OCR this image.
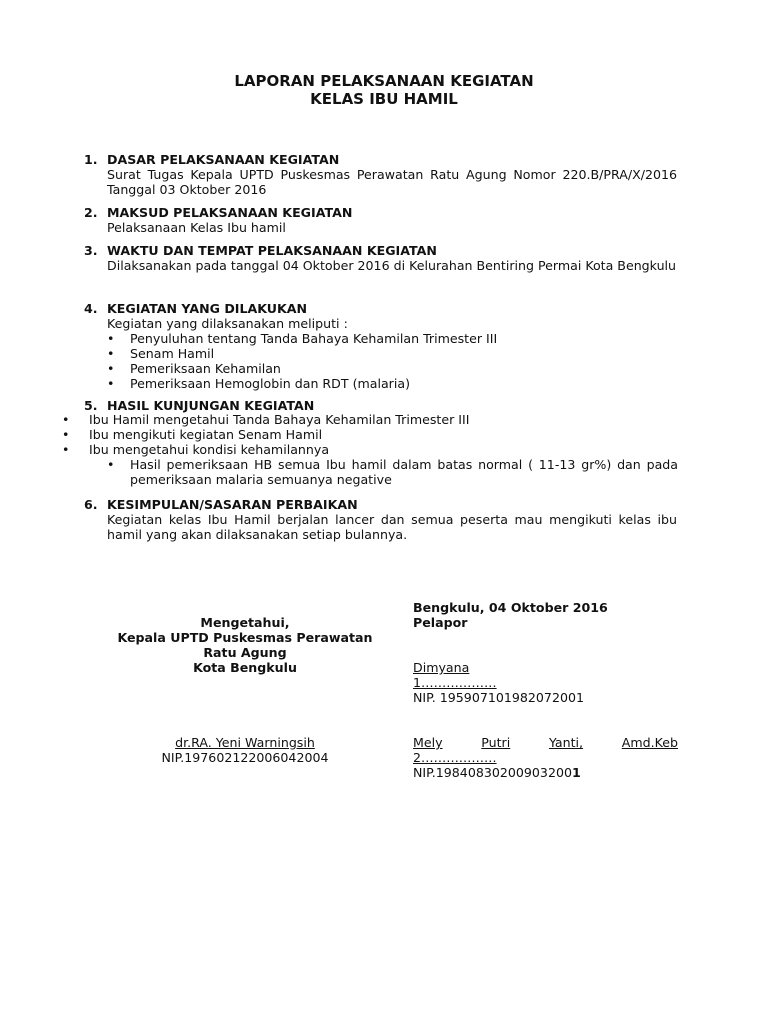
LAPORAN PELAKSANAAN KEGIATAN
KELAS IBU HAMIL
1. DASAR PELAKSANAAN KEGIATAN
Surat Tugas Kepala UPTD Puskesmas Perawatan Ratu Agung Nomor 220.B/PRA/X/2016 Tanggal 03 Oktober 2016
2. MAKSUD PELAKSANAAN KEGIATAN
Pelaksanaan Kelas Ibu hamil
3. WAKTU DAN TEMPAT PELAKSANAAN KEGIATAN
Dilaksanakan pada tanggal 04 Oktober 2016 di Kelurahan Bentiring Permai Kota Bengkulu
4. KEGIATAN YANG DILAKUKAN
Kegiatan yang dilaksanakan meliputi :
• Penyuluhan tentang Tanda Bahaya Kehamilan Trimester III
• Senam Hamil
• Pemeriksaan Kehamilan
• Pemeriksaan Hemoglobin dan RDT (malaria)
5. HASIL KUNJUNGAN KEGIATAN
• Ibu Hamil mengetahui Tanda Bahaya Kehamilan Trimester III
• Ibu mengikuti kegiatan Senam Hamil
• Ibu mengetahui kondisi kehamilannya
• Hasil pemeriksaan HB semua Ibu hamil dalam batas normal ( 11-13 gr%) dan pada pemeriksaan malaria semuanya negative
6. KESIMPULAN/SASARAN PERBAIKAN
Kegiatan kelas Ibu Hamil berjalan lancer dan semua peserta mau mengikuti kelas ibu hamil yang akan dilaksanakan setiap bulannya.
Mengetahui,
Kepala UPTD Puskesmas Perawatan
Ratu Agung
Kota Bengkulu
dr.RA. Yeni Warningsih
NIP.197602122006042004
Bengkulu, 04 Oktober 2016
Pelapor
Dimyana
1………………
NIP. 195907101982072001
Mely	Putri	Yanti,	Amd.Keb
2………………
NIP.198408302009032001
